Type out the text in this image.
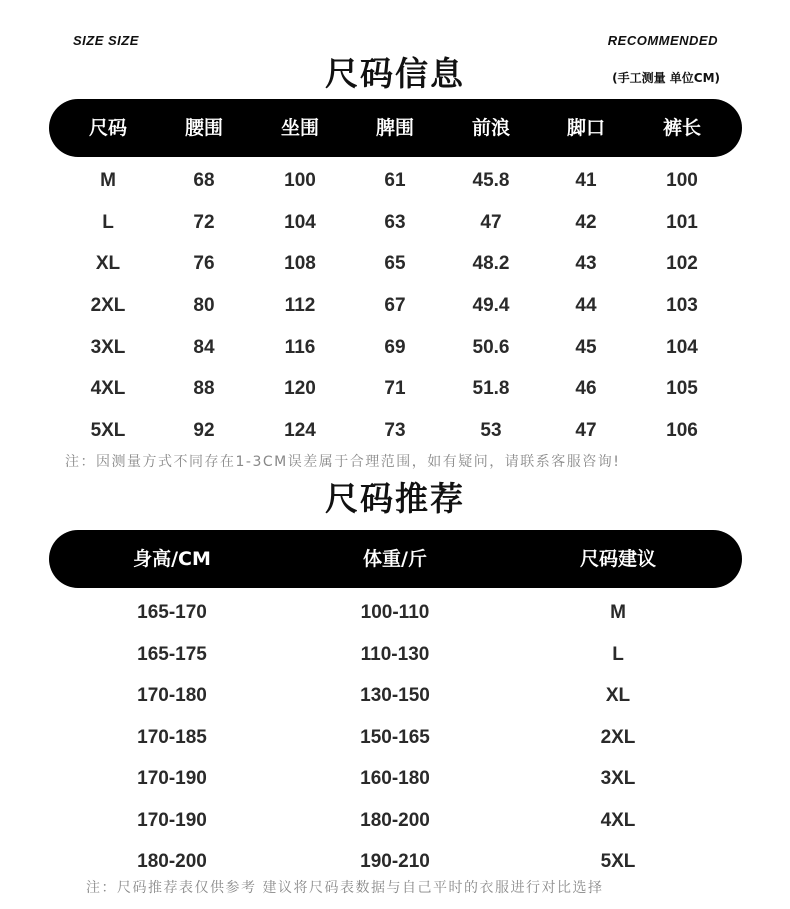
SIZE SIZE	RECOMMENDED
尺码信息	(手工测量 单位CM)
尺码	腰围	坐围	脾围	前浪	脚口	裤长
M	68	100	61	45.8	41	100
L	72	104	63	47	42	101
XL	76	108	65	48.2	43	102
2XL	80	112	67	49.4	44	103
3XL	84	116	69	50.6	45	104
4XL	88	120	71	51.8	46	105
5XL	92	124	73	53	47	106
注：因测量方式不同存在1-3CM误差属于合理范围，如有疑问，请联系客服咨询!
尺码推荐
身高/CM	体重/斤	尺码建议
165-170	100-110	M
165-175	110-130	L
170-180	130-150	XL
170-185	150-165	2XL
170-190	160-180	3XL
170-190	180-200	4XL
180-200	190-210	5XL
注：尺码推荐表仅供参考 建议将尺码表数据与自己平时的衣服进行对比选择
